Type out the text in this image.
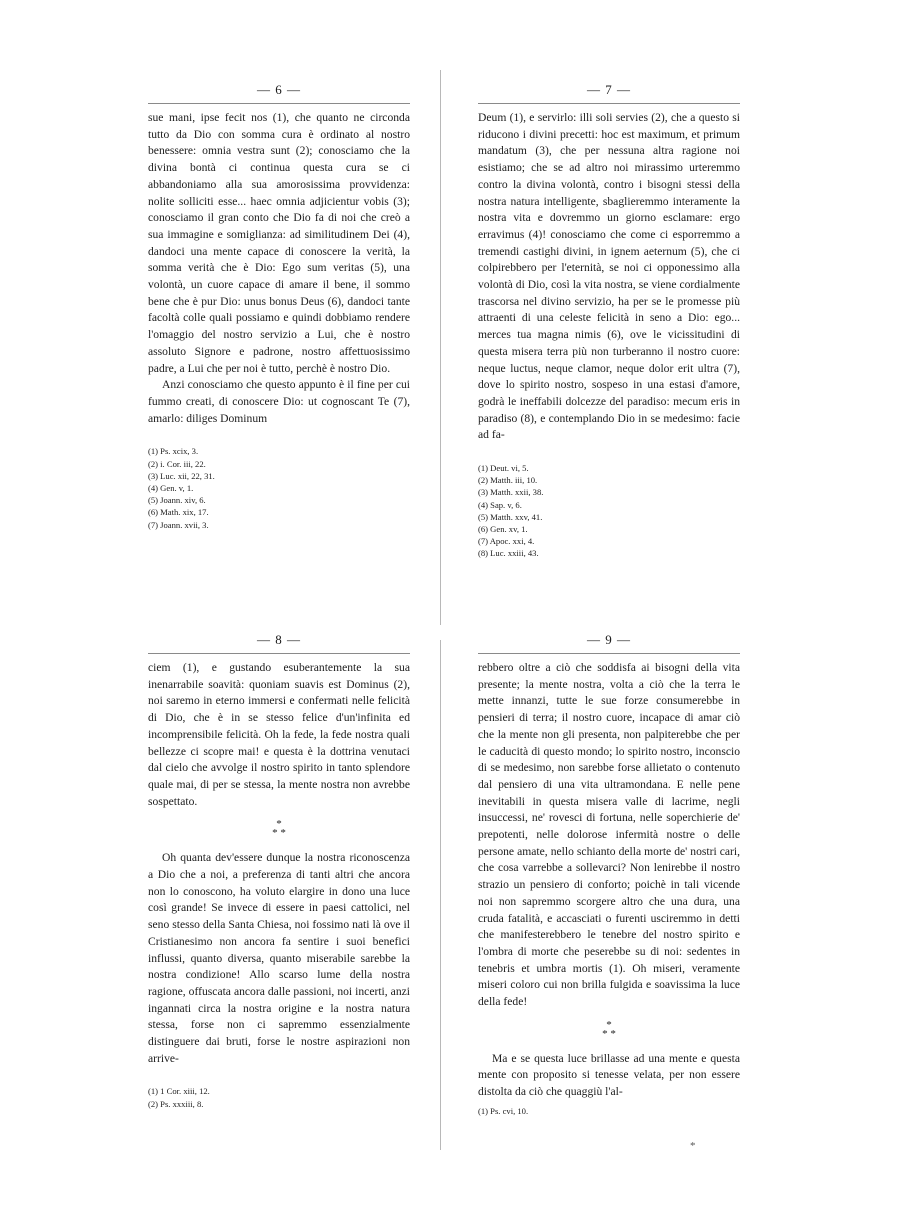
— 6 —

sue mani, ipse fecit nos (1), che quanto ne circonda tutto da Dio con somma cura è ordinato al nostro benessere: omnia vestra sunt (2); conosciamo che la divina bontà ci continua questa cura se ci abbandoniamo alla sua amorosissima provvidenza: nolite solliciti esse... haec omnia adjicientur vobis (3); conosciamo il gran conto che Dio fa di noi che creò a sua immagine e somiglianza: ad similitudinem Dei (4), dandoci una mente capace di conoscere la verità, la somma verità che è Dio: Ego sum veritas (5), una volontà, un cuore capace di amare il bene, il sommo bene che è pur Dio: unus bonus Deus (6), dandoci tante facoltà colle quali possiamo e quindi dobbiamo rendere l'omaggio del nostro servizio a Lui, che è nostro assoluto Signore e padrone, nostro affettuosissimo padre, a Lui che per noi è tutto, perchè è nostro Dio.

Anzi conosciamo che questo appunto è il fine per cui fummo creati, di conoscere Dio: ut cognoscant Te (7), amarlo: diliges Dominum

(1) Ps. xcix, 3.
(2) i. Cor. iii, 22.
(3) Luc. xii, 22, 31.
(4) Gen. v, 1.
(5) Joann. xiv, 6.
(6) Math. xix, 17.
(7) Joann. xvii, 3.
— 7 —

Deum (1), e servirlo: illi soli servies (2), che a questo si riducono i divini precetti: hoc est maximum, et primum mandatum (3), che per nessuna altra ragione noi esistiamo; che se ad altro noi mirassimo urteremmo contro la divina volontà, contro i bisogni stessi della nostra natura intelligente, sbaglieremmo interamente la nostra vita e dovremmo un giorno esclamare: ergo erravimus (4)! conosciamo che come ci esporremmo a tremendi castighi divini, in ignem aeternum (5), che ci colpirebbero per l'eternità, se noi ci opponessimo alla volontà di Dio, così la vita nostra, se viene cordialmente trascorsa nel divino servizio, ha per se le promesse più attraenti di una celeste felicità in seno a Dio: ego... merces tua magna nimis (6), ove le vicissitudini di questa misera terra più non turberanno il nostro cuore: neque luctus, neque clamor, neque dolor erit ultra (7), dove lo spirito nostro, sospeso in una estasi d'amore, godrà le ineffabili dolcezze del paradiso: mecum eris in paradiso (8), e contemplando Dio in se medesimo: facie ad fa-

(1) Deut. vi, 5.
(2) Matth. iii, 10.
(3) Matth. xxii, 38.
(4) Sap. v, 6.
(5) Matth. xxv, 41.
(6) Gen. xv, 1.
(7) Apoc. xxi, 4.
(8) Luc. xxiii, 43.
— 8 —

ciem (1), e gustando esuberantemente la sua inenarrabile soavità: quoniam suavis est Dominus (2), noi saremo in eterno immersi e confermati nelle felicità di Dio, che è in se stesso felice d'un'infinita ed incomprensibile felicità. Oh la fede, la fede nostra quali bellezze ci scopre mai! e questa è la dottrina venutaci dal cielo che avvolge il nostro spirito in tanto splendore quale mai, di per se stessa, la mente nostra non avrebbe sospettato.

*
* *

Oh quanta dev'essere dunque la nostra riconoscenza a Dio che a noi, a preferenza di tanti altri che ancora non lo conoscono, ha voluto elargire in dono una luce così grande! Se invece di essere in paesi cattolici, nel seno stesso della Santa Chiesa, noi fossimo nati là ove il Cristianesimo non ancora fa sentire i suoi benefici influssi, quanto diversa, quanto miserabile sarebbe la nostra condizione! Allo scarso lume della nostra ragione, offuscata ancora dalle passioni, noi incerti, anzi ingannati circa la nostra origine e la nostra natura stessa, forse non ci sapremmo essenzialmente distinguere dai bruti, forse le nostre aspirazioni non arrive-

(1) 1 Cor. xiii, 12.
(2) Ps. xxxiii, 8.
— 9 —

rebbero oltre a ciò che soddisfa ai bisogni della vita presente; la mente nostra, volta a ciò che la terra le mette innanzi, tutte le sue forze consumerebbe in pensieri di terra; il nostro cuore, incapace di amar ciò che la mente non gli presenta, non palpiterebbe che per le caducità di questo mondo; lo spirito nostro, inconscio di se medesimo, non sarebbe forse allietato o contenuto dal pensiero di una vita ultramondana. E nelle pene inevitabili in questa misera valle di lacrime, negli insuccessi, ne' rovesci di fortuna, nelle soperchierie de' prepotenti, nelle dolorose infermità nostre o delle persone amate, nello schianto della morte de' nostri cari, che cosa varrebbe a sollevarci? Non lenirebbe il nostro strazio un pensiero di conforto; poichè in tali vicende noi non sapremmo scorgere altro che una dura, una cruda fatalità, e accasciati o furenti usciremmo in detti che manifesterebbero le tenebre del nostro spirito e l'ombra di morte che peserebbe su di noi: sedentes in tenebris et umbra mortis (1). Oh miseri, veramente miseri coloro cui non brilla fulgida e soavissima la luce della fede!

*
* *

Ma e se questa luce brillasse ad una mente e questa mente con proposito si tenesse velata, per non essere distolta da ciò che quaggiù l'al-

(1) Ps. cvi, 10.
*
